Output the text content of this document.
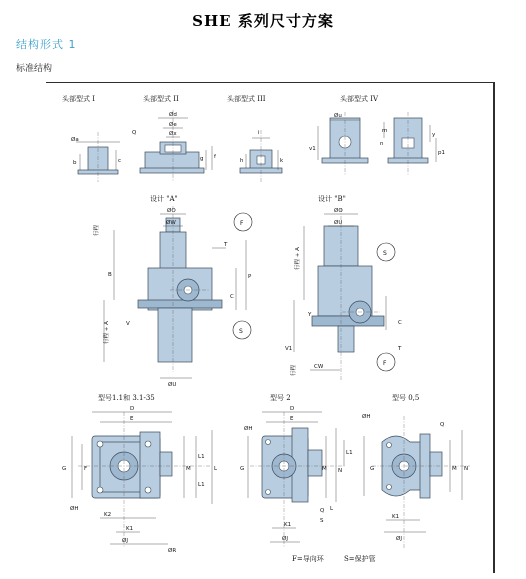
SHE 系列尺寸方案
结构形式 1
标准结构
头部型式 I	头部型式 II	头部型式 III	头部型式 IV
Øa
b	c
Ød
Øe
Øx
Q
g f
i
h	k
Øu
v1
m
n
y
p1
设计 "A"
ØO
ØW
T
B
行程
行程 + A	V
C
P
ØU
F
S
设计 "B"
ØO
ØU
行程 + A
Y
C
T
V1
行程	CW
S
F
型号1.1和 3.1-35
D
E
G	F	M
L1
L1
L
ØH
K2
K1
ØJ
ØR
型号 2
D
E
ØH
G	M N
L
L1
K1
ØJ
Q
S
型号 0,5
ØH
Q
G	M N
K1
ØJ
F=导向环	S=保护管
